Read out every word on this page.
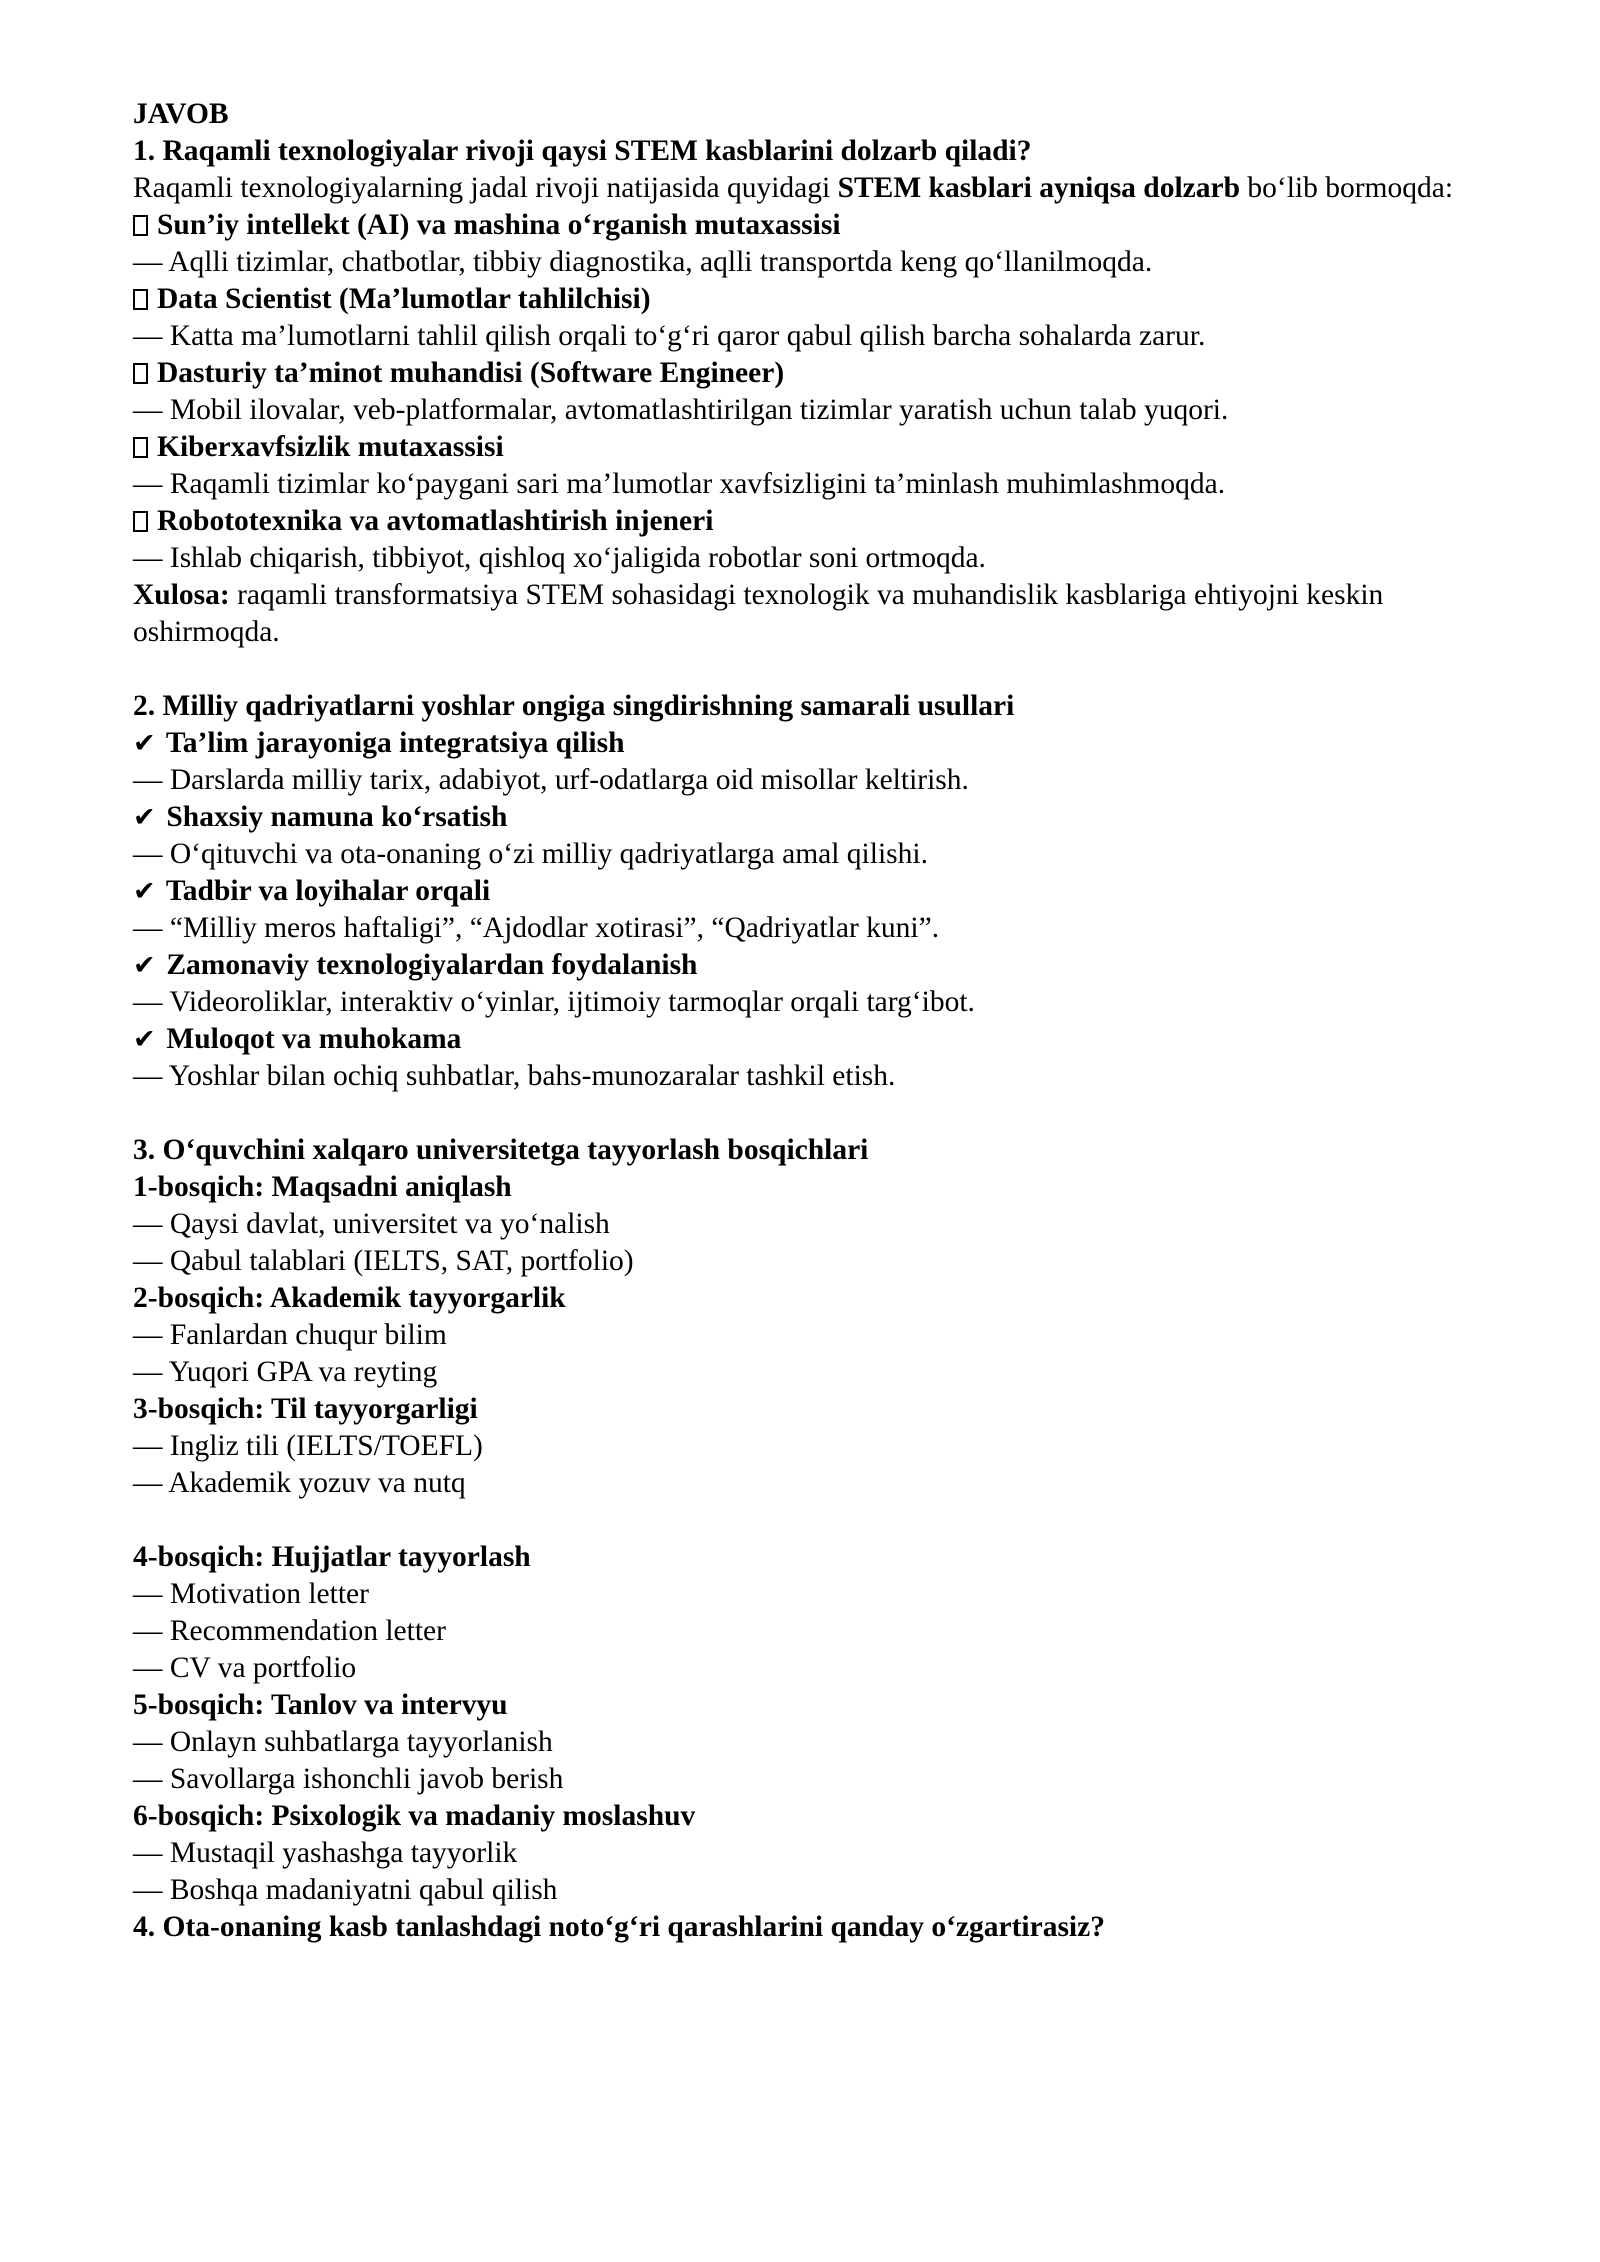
JAVOB
1. Raqamli texnologiyalar rivoji qaysi STEM kasblarini dolzarb qiladi?
Raqamli texnologiyalarning jadal rivoji natijasida quyidagi STEM kasblari ayniqsa dolzarb bo‘lib bormoqda:
Sun’iy intellekt (AI) va mashina o‘rganish mutaxassisi
— Aqlli tizimlar, chatbotlar, tibbiy diagnostika, aqlli transportda keng qo‘llanilmoqda.
Data Scientist (Ma’lumotlar tahlilchisi)
— Katta ma’lumotlarni tahlil qilish orqali to‘g‘ri qaror qabul qilish barcha sohalarda zarur.
Dasturiy ta’minot muhandisi (Software Engineer)
— Mobil ilovalar, veb-platformalar, avtomatlashtirilgan tizimlar yaratish uchun talab yuqori.
Kiberxavfsizlik mutaxassisi
— Raqamli tizimlar ko‘paygani sari ma’lumotlar xavfsizligini ta’minlash muhimlashmoqda.
Robototexnika va avtomatlashtirish injeneri
— Ishlab chiqarish, tibbiyot, qishloq xo‘jaligida robotlar soni ortmoqda.
Xulosa: raqamli transformatsiya STEM sohasidagi texnologik va muhandislik kasblariga ehtiyojni keskin oshirmoqda.
2. Milliy qadriyatlarni yoshlar ongiga singdirishning samarali usullari
✔ Ta’lim jarayoniga integratsiya qilish
— Darslarda milliy tarix, adabiyot, urf-odatlarga oid misollar keltirish.
✔ Shaxsiy namuna ko‘rsatish
— O‘qituvchi va ota-onaning o‘zi milliy qadriyatlarga amal qilishi.
✔ Tadbir va loyihalar orqali
— “Milliy meros haftaligi”, “Ajdodlar xotirasi”, “Qadriyatlar kuni”.
✔ Zamonaviy texnologiyalardan foydalanish
— Videoroliklar, interaktiv o‘yinlar, ijtimoiy tarmoqlar orqali targ‘ibot.
✔ Muloqot va muhokama
— Yoshlar bilan ochiq suhbatlar, bahs-munozaralar tashkil etish.
3. O‘quvchini xalqaro universitetga tayyorlash bosqichlari
1-bosqich: Maqsadni aniqlash
— Qaysi davlat, universitet va yo‘nalish
— Qabul talablari (IELTS, SAT, portfolio)
2-bosqich: Akademik tayyorgarlik
— Fanlardan chuqur bilim
— Yuqori GPA va reyting
3-bosqich: Til tayyorgarligi
— Ingliz tili (IELTS/TOEFL)
— Akademik yozuv va nutq
4-bosqich: Hujjatlar tayyorlash
— Motivation letter
— Recommendation letter
— CV va portfolio
5-bosqich: Tanlov va intervyu
— Onlayn suhbatlarga tayyorlanish
— Savollarga ishonchli javob berish
6-bosqich: Psixologik va madaniy moslashuv
— Mustaqil yashashga tayyorlik
— Boshqa madaniyatni qabul qilish
4. Ota-onaning kasb tanlashdagi noto‘g‘ri qarashlarini qanday o‘zgartirasiz?
